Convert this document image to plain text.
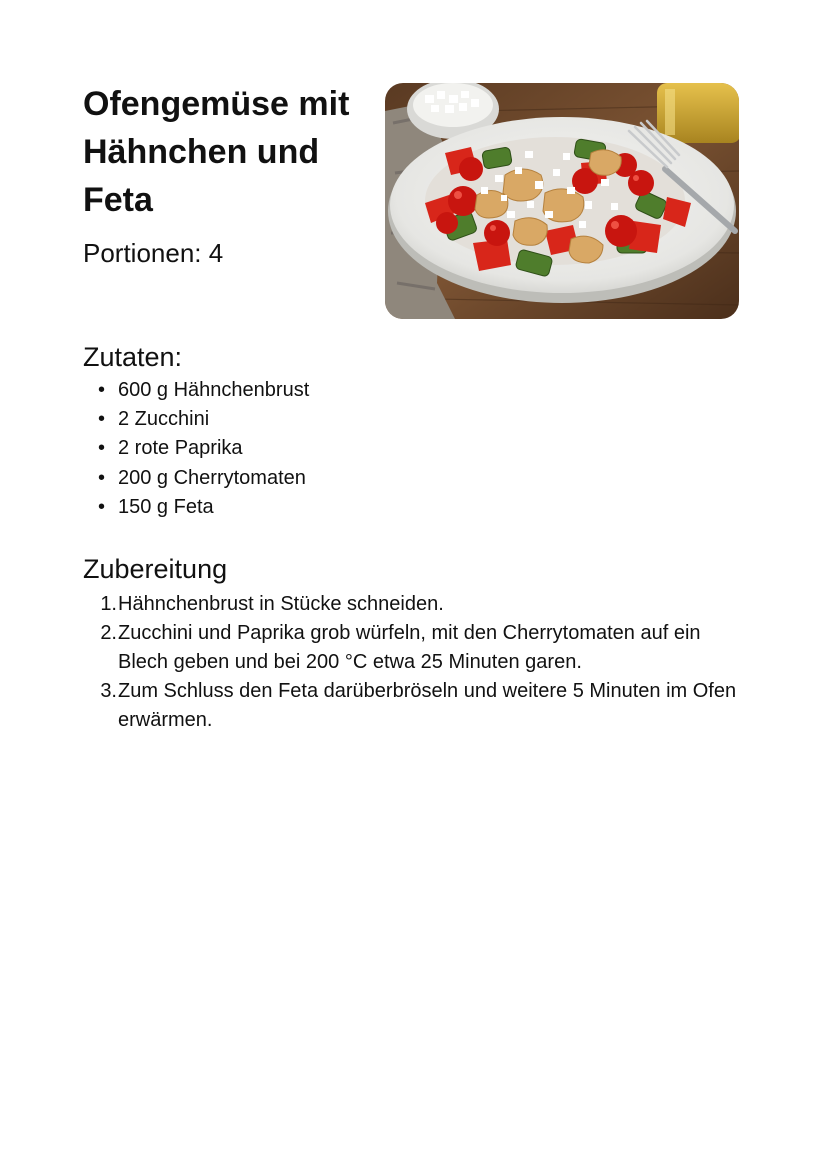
Ofengemüse mit Hähnchen und Feta

Portionen: 4

Zutaten:
• 600 g Hähnchenbrust
• 2 Zucchini
• 2 rote Paprika
• 200 g Cherrytomaten
• 150 g Feta
Zubereitung
1. Hähnchenbrust in Stücke schneiden.
2. Zucchini und Paprika grob würfeln, mit den Cherrytomaten auf ein Blech geben und bei 200 °C etwa 25 Minuten garen.
3. Zum Schluss den Feta darüberbröseln und weitere 5 Minuten im Ofen erwärmen.
